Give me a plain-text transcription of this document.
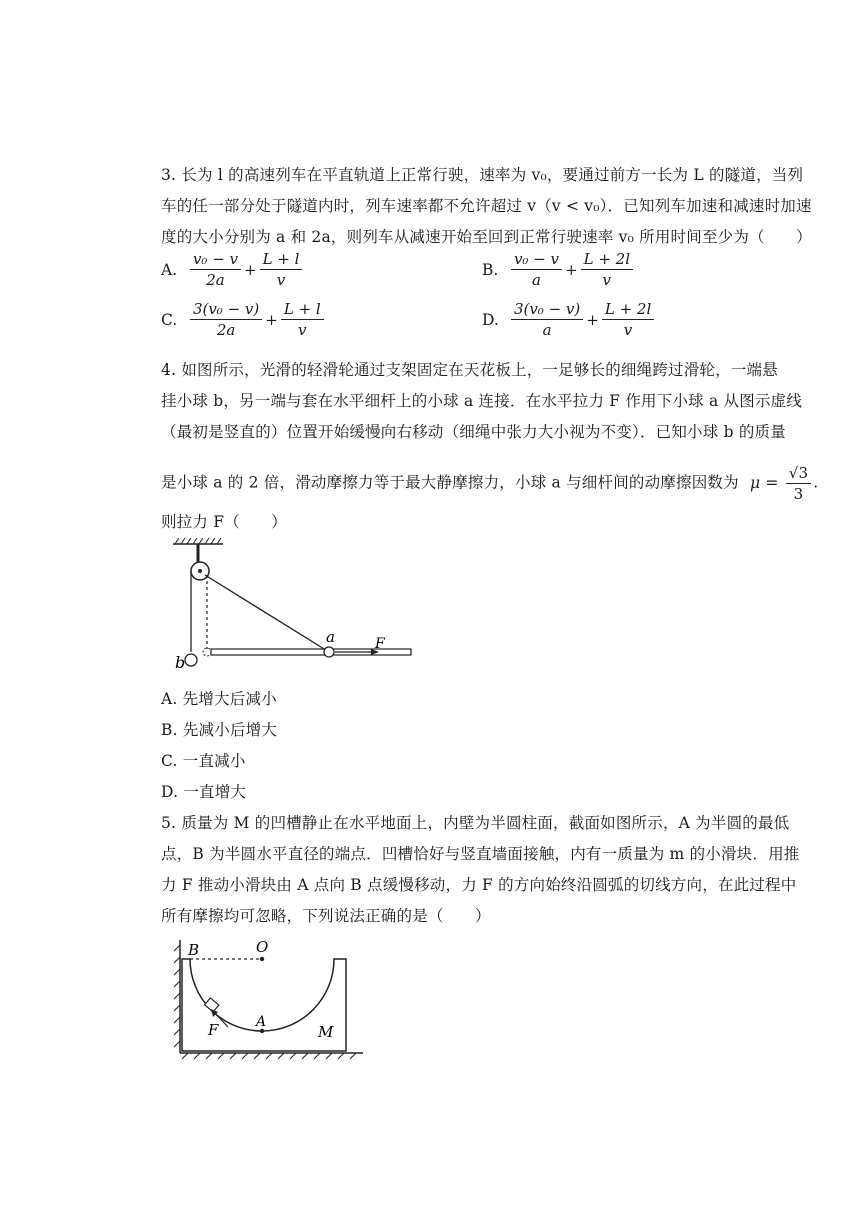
3. 长为 l 的高速列车在平直轨道上正常行驶，速率为 v₀，要通过前方一长为 L 的隧道，当列
车的任一部分处于隧道内时，列车速率都不允许超过 v（v < v₀）．已知列车加速和减速时加速
度的大小分别为 a 和 2a，则列车从减速开始至回到正常行驶速率 v₀ 所用时间至少为（　　）
A. $\frac{\text{v₀ − v}}{2a} + \frac{L + l}{v}$	B. $\frac{\text{v₀ − v}}{a} + \frac{L + 2l}{v}$
C. $\frac{\text{3(v₀ − v)}}{2a} + \frac{L + l}{v}$	D. $\frac{\text{3(v₀ − v)}}{a} + \frac{L + 2l}{v}$
4. 如图所示，光滑的轻滑轮通过支架固定在天花板上，一足够长的细绳跨过滑轮，一端悬
挂小球 b，另一端与套在水平细杆上的小球 a 连接．在水平拉力 F 作用下小球 a 从图示虚线
（最初是竖直的）位置开始缓慢向右移动（细绳中张力大小视为不变）．已知小球 b 的质量
是小球 a 的 2 倍，滑动摩擦力等于最大静摩擦力，小球 a 与细杆间的动摩擦因数为 $\mu = \frac{√3}{3}$ .
则拉力 F（　　）
a
b
F
A. 先增大后减小
B. 先减小后增大
C. 一直减小
D. 一直增大
5. 质量为 M 的凹槽静止在水平地面上，内壁为半圆柱面，截面如图所示，A 为半圆的最低
点，B 为半圆水平直径的端点．凹槽恰好与竖直墙面接触，内有一质量为 m 的小滑块．用推
力 F 推动小滑块由 A 点向 B 点缓慢移动，力 F 的方向始终沿圆弧的切线方向，在此过程中
所有摩擦均可忽略，下列说法正确的是（　　）
B	O
A
F	M
